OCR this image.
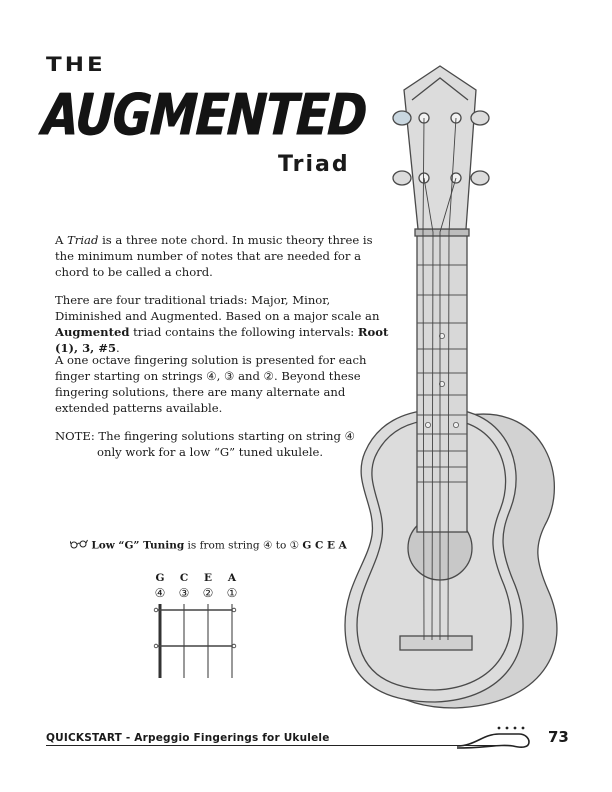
THE
AUGMENTED
Triad
A Triad is a three note chord. In music theory three is the minimum number of notes that are needed for a chord to be called a chord.
There are four traditional triads: Major, Minor, Diminished and Augmented. Based on a major scale an Augmented triad contains the following intervals: Root (1), 3, #5.
A one octave fingering solution is presented for each finger starting on strings ④, ③ and ②. Beyond these fingering solutions, there are many alternate and extended patterns available.
NOTE: The fingering solutions starting on string ④
only work for a low “G” tuned ukulele.
Low “G” Tuning is from string ④ to ① G C E A
G	C	E	A
④	③	②	①
QUICKSTART - Arpeggio Fingerings for Ukulele	73
